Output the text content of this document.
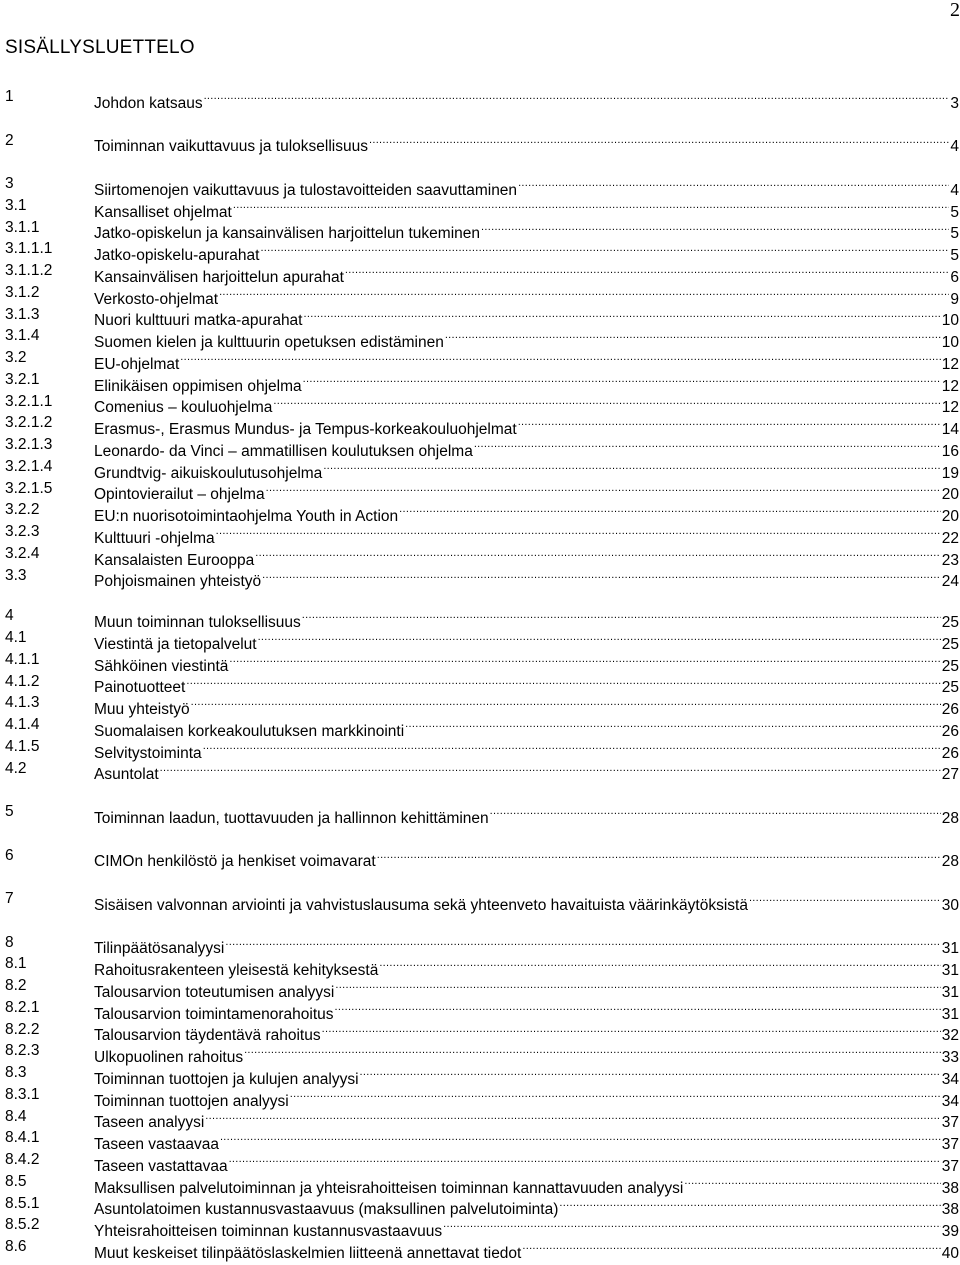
2
SISÄLLYSLUETTELO
1	Johdon katsaus .....	3
2	Toiminnan vaikuttavuus ja tuloksellisuus .....	4
3	Siirtomenojen vaikuttavuus ja tulostavoitteiden saavuttaminen .....	4
3.1	Kansalliset ohjelmat .....	5
3.1.1	Jatko-opiskelun ja kansainvälisen harjoittelun tukeminen .....	5
3.1.1.1	Jatko-opiskelu-apurahat .....	5
3.1.1.2	Kansainvälisen harjoittelun apurahat .....	6
3.1.2	Verkosto-ohjelmat .....	9
3.1.3	Nuori kulttuuri matka-apurahat .....	10
3.1.4	Suomen kielen ja kulttuurin opetuksen edistäminen .....	10
3.2	EU-ohjelmat .....	12
3.2.1	Elinikäisen oppimisen ohjelma .....	12
3.2.1.1	Comenius – kouluohjelma .....	12
3.2.1.2	Erasmus-, Erasmus Mundus- ja Tempus-korkeakouluohjelmat .....	14
3.2.1.3	Leonardo- da Vinci – ammatillisen koulutuksen ohjelma .....	16
3.2.1.4	Grundtvig- aikuiskoulutusohjelma .....	19
3.2.1.5	Opintovierailut – ohjelma .....	20
3.2.2	EU:n nuorisotoimintaohjelma Youth in Action .....	20
3.2.3	Kulttuuri -ohjelma .....	22
3.2.4	Kansalaisten Eurooppa .....	23
3.3	Pohjoismainen yhteistyö .....	24
4	Muun toiminnan tuloksellisuus .....	25
4.1	Viestintä ja tietopalvelut .....	25
4.1.1	Sähköinen viestintä .....	25
4.1.2	Painotuotteet .....	25
4.1.3	Muu yhteistyö .....	26
4.1.4	Suomalaisen korkeakoulutuksen markkinointi .....	26
4.1.5	Selvitystoiminta .....	26
4.2	Asuntolat .....	27
5	Toiminnan laadun, tuottavuuden ja hallinnon kehittäminen .....	28
6	CIMOn henkilöstö ja henkiset voimavarat .....	28
7	Sisäisen valvonnan arviointi ja vahvistuslausuma sekä yhteenveto havaituista väärinkäytöksistä .....	30
8	Tilinpäätösanalyysi .....	31
8.1	Rahoitusrakenteen yleisestä kehityksestä .....	31
8.2	Talousarvion toteutumisen analyysi .....	31
8.2.1	Talousarvion toimintamenorahoitus .....	31
8.2.2	Talousarvion täydentävä rahoitus .....	32
8.2.3	Ulkopuolinen rahoitus .....	33
8.3	Toiminnan tuottojen ja kulujen analyysi .....	34
8.3.1	Toiminnan tuottojen analyysi .....	34
8.4	Taseen analyysi .....	37
8.4.1	Taseen vastaavaa .....	37
8.4.2	Taseen vastattavaa .....	37
8.5	Maksullisen palvelutoiminnan ja yhteisrahoitteisen toiminnan kannattavuuden analyysi .....	38
8.5.1	Asuntolatoimen kustannusvastaavuus (maksullinen palvelutoiminta) .....	38
8.5.2	Yhteisrahoitteisen toiminnan kustannusvastaavuus .....	39
8.6	Muut keskeiset tilinpäätöslaskelmien liitteenä annettavat tiedot .....	40
